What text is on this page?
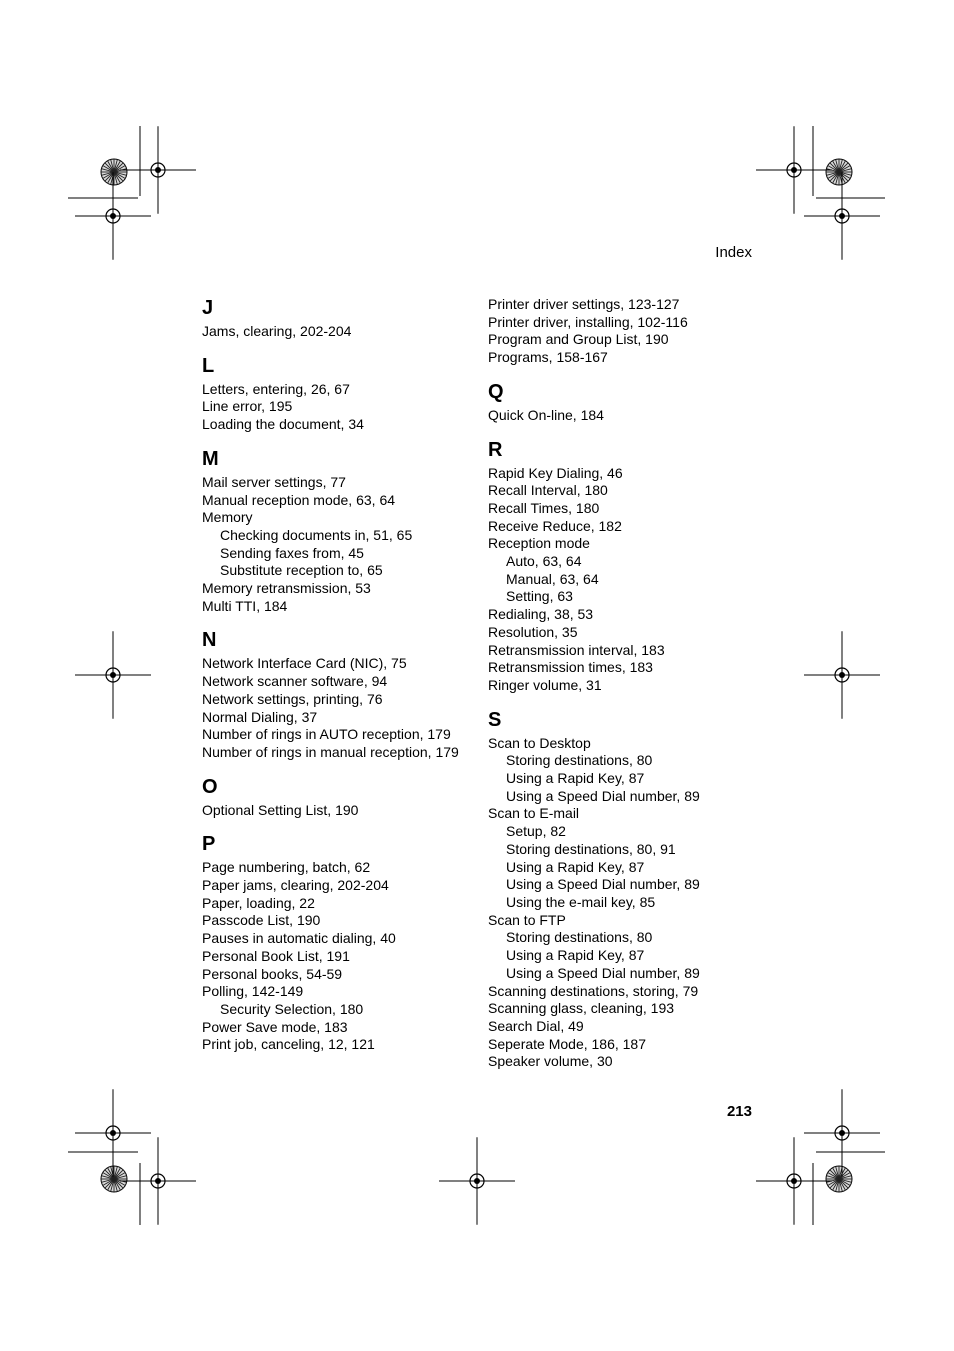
Index
J
Jams, clearing, 202-204
L
Letters, entering, 26, 67
Line error, 195
Loading the document, 34
M
Mail server settings, 77
Manual reception mode, 63, 64
Memory
Checking documents in, 51, 65
Sending faxes from, 45
Substitute reception to, 65
Memory retransmission, 53
Multi TTI, 184
N
Network Interface Card (NIC), 75
Network scanner software, 94
Network settings, printing, 76
Normal Dialing, 37
Number of rings in AUTO reception, 179
Number of rings in manual reception, 179
O
Optional Setting List, 190
P
Page numbering, batch, 62
Paper jams, clearing, 202-204
Paper, loading, 22
Passcode List, 190
Pauses in automatic dialing, 40
Personal Book List, 191
Personal books, 54-59
Polling, 142-149
Security Selection, 180
Power Save mode, 183
Print job, canceling, 12, 121
Printer driver settings, 123-127
Printer driver, installing, 102-116
Program and Group List, 190
Programs, 158-167
Q
Quick On-line, 184
R
Rapid Key Dialing, 46
Recall Interval, 180
Recall Times, 180
Receive Reduce, 182
Reception mode
Auto, 63, 64
Manual, 63, 64
Setting, 63
Redialing, 38, 53
Resolution, 35
Retransmission interval, 183
Retransmission times, 183
Ringer volume, 31
S
Scan to Desktop
Storing destinations, 80
Using a Rapid Key, 87
Using a Speed Dial number, 89
Scan to E-mail
Setup, 82
Storing destinations, 80, 91
Using a Rapid Key, 87
Using a Speed Dial number, 89
Using the e-mail key, 85
Scan to FTP
Storing destinations, 80
Using a Rapid Key, 87
Using a Speed Dial number, 89
Scanning destinations, storing, 79
Scanning glass, cleaning, 193
Search Dial, 49
Seperate Mode, 186, 187
Speaker volume, 30
213
